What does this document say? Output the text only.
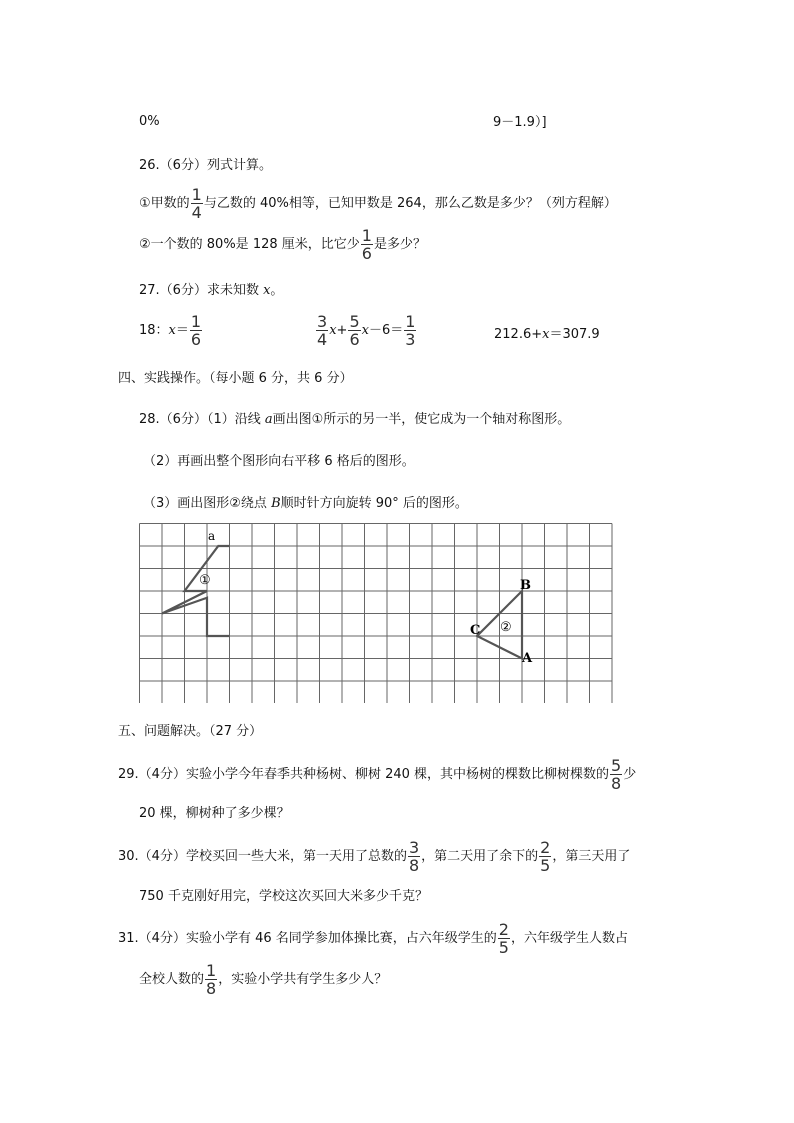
0%	9－1.9）]
26.（6分）列式计算。
①甲数的 $\frac{1}{4}$ 与乙数的 40%相等，已知甲数是 264，那么乙数是多少？（列方程解）
②一个数的 80%是 128 厘米，比它少 $\frac{1}{6}$ 是多少？
27.（6分）求未知数 x。
18：$x= \frac{1}{6}$	$\frac{3}{4} x+ \frac{5}{6} x-6= \frac{1}{3}$	212.6+x＝307.9
四、实践操作。（每小题 6 分，共 6 分）
28.（6分）（1）沿线 a画出图①所示的另一半，使它成为一个轴对称图形。
（2）再画出整个图形向右平移 6 格后的图形。
（3）画出图形②绕点 B顺时针方向旋转 90° 后的图形。
a
①
②
B
C
A
五、问题解决。（27 分）
29.（4分）实验小学今年春季共种杨树、柳树 240 棵，其中杨树的棵数比柳树棵数的 $\frac{5}{8}$ 少
20 棵，柳树种了多少棵？
30.（4分）学校买回一些大米，第一天用了总数的 $\frac{3}{8}$ ，第二天用了余下的 $\frac{2}{5}$ ，第三天用了
750 千克刚好用完，学校这次买回大米多少千克？
31.（4分）实验小学有 46 名同学参加体操比赛，占六年级学生的 $\frac{2}{5}$ ，六年级学生人数占
全校人数的 $\frac{1}{8}$ ，实验小学共有学生多少人？
